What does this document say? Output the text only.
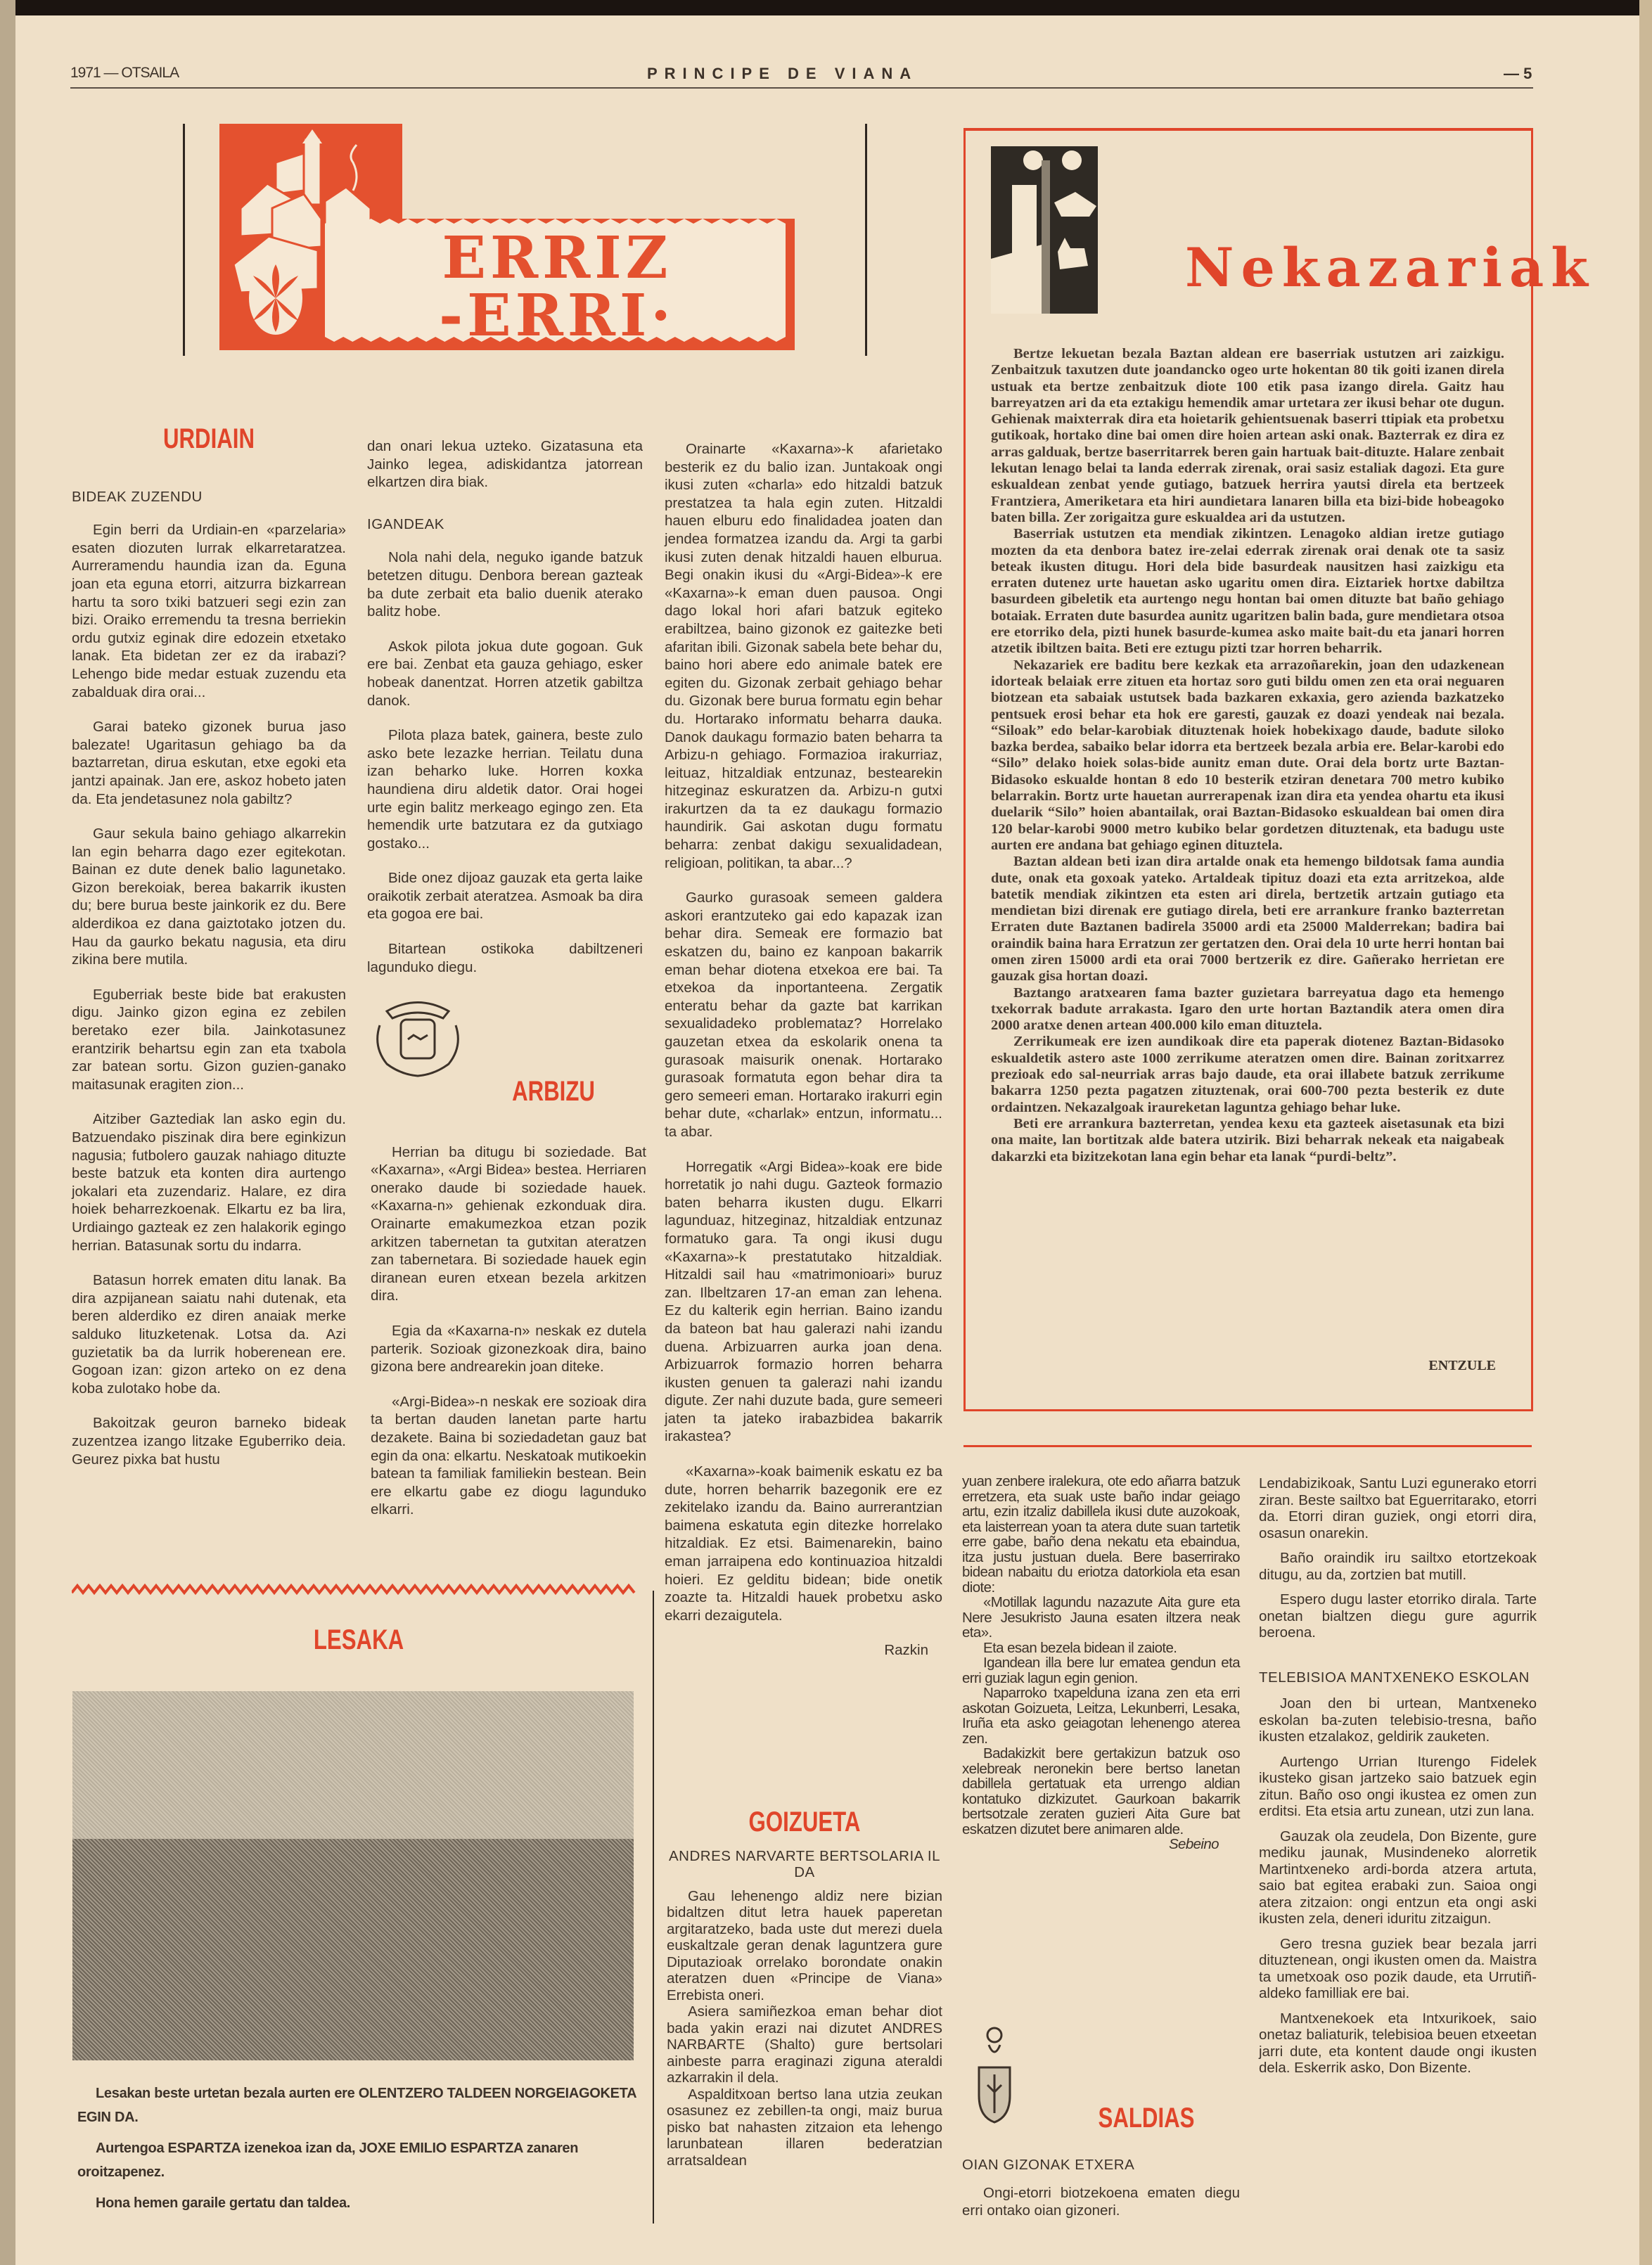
1971 — OTSAILA	PRINCIPE DE VIANA	— 5
ERRIZ
-ERRI·
URDIAIN
BIDEAK ZUZENDU

Egin berri da Urdiain-en «parzelaria» esaten diozuten lurrak elkarretaratzea. Aurreramendu haundia izan da. Eguna joan eta eguna etorri, aitzurra bizkarrean hartu ta soro txiki batzueri segi ezin zan bizi. Oraiko erremendu ta tresna berriekin ordu gutxiz eginak dire edozein etxetako lanak. Eta bidetan zer ez da irabazi? Lehengo bide medar estuak zuzendu eta zabalduak dira orai...

Garai bateko gizonek burua jaso balezate! Ugaritasun gehiago ba da baztarretan, dirua eskutan, etxe egoki eta jantzi apainak. Jan ere, askoz hobeto jaten da. Eta jendetasunez nola gabiltz?

Gaur sekula baino gehiago alkarrekin lan egin beharra dago ezer egitekotan. Bainan ez dute denek balio lagunetako. Gizon berekoiak, berea bakarrik ikusten du; bere burua beste jainkorik ez du. Bere alderdikoa ez dana gaiztotako jotzen du. Hau da gaurko bekatu nagusia, eta diru zikina bere mutila.

Eguberriak beste bide bat erakusten digu. Jainko gizon egina ez zebilen beretako ezer bila. Jainkotasunez erantzirik behartsu egin zan eta txabola zar batean sortu. Gizon guzien-ganako maitasunak eragiten zion...

Aitziber Gaztediak lan asko egin du. Batzuendako piszinak dira bere eginkizun nagusia; futbolero gauzak nahiago dituzte beste batzuk eta konten dira aurtengo jokalari eta zuzendariz. Halare, ez dira hoiek beharrezkoenak. Elkartu ez ba lira, Urdiaingo gazteak ez zen halakorik egingo herrian. Batasunak sortu du indarra.

Batasun horrek ematen ditu lanak. Ba dira azpijanean saiatu nahi dutenak, eta beren alderdiko ez diren anaiak merke salduko lituzketenak. Lotsa da. Azi guzietatik ba da lurrik hoberenean ere. Gogoan izan: gizon arteko on ez dena koba zulotako hobe da.

Bakoitzak geuron barneko bideak zuzentzea izango litzake Eguberriko deia. Geurez pixka bat hustu

dan onari lekua uzteko. Gizatasuna eta Jainko legea, adiskidantza jatorrean elkartzen dira biak.

IGANDEAK

Nola nahi dela, neguko igande batzuk betetzen ditugu. Denbora berean gazteak ba dute zerbait eta balio duenik aterako balitz hobe.

Askok pilota jokua dute gogoan. Guk ere bai. Zenbat eta gauza gehiago, esker hobeak danentzat. Horren atzetik gabiltza danok.

Pilota plaza batek, gainera, beste zulo asko bete lezazke herrian. Teilatu duna izan beharko luke. Horren koxka haundiena diru aldetik dator. Orai hogei urte egin balitz merkeago egingo zen. Eta hemendik urte batzutara ez da gutxiago gostako...

Bide onez dijoaz gauzak eta gerta laike oraikotik zerbait ateratzea. Asmoak ba dira eta gogoa ere bai.

Bitartean ostikoka dabiltzeneri lagunduko diegu.

ARBIZU

Herrian ba ditugu bi soziedade. Bat «Kaxarna», «Argi Bidea» bestea. Herriaren onerako daude bi soziedade hauek. «Kaxarna-n» gehienak ezkonduak dira. Orainarte emakumezkoa etzan pozik arkitzen tabernetan ta gutxitan ateratzen zan tabernetara. Bi soziedade hauek egin diranean euren etxean bezela arkitzen dira.

Egia da «Kaxarna-n» neskak ez dutela parterik. Sozioak gizonezkoak dira, baino gizona bere andrearekin joan diteke.

«Argi-Bidea»-n neskak ere sozioak dira ta bertan dauden lanetan parte hartu dezakete. Baina bi soziedadetan gauz bat egin da ona: elkartu. Neskatoak mutikoekin batean ta familiak familiekin bestean. Bein ere elkartu gabe ez diogu lagunduko elkarri.

Orainarte «Kaxarna»-k afarietako besterik ez du balio izan. Juntakoak ongi ikusi zuten «charla» edo hitzaldi batzuk prestatzea ta hala egin zuten. Hitzaldi hauen elburu edo finalidadea joaten dan jendea formatzea izandu da. Argi ta garbi ikusi zuten denak hitzaldi hauen elburua. Begi onakin ikusi du «Argi-Bidea»-k ere «Kaxarna»-k eman duen pausoa. Ongi dago lokal hori afari batzuk egiteko erabiltzea, baino gizonok ez gaitezke beti afaritan ibili. Gizonak sabela bete behar du, baino hori abere edo animale batek ere egiten du. Gizonak zerbait gehiago behar du. Gizonak bere burua formatu egin behar du. Hortarako informatu beharra dauka. Danok daukagu formazio baten beharra ta Arbizu-n gehiago. Formazioa irakurriaz, leituaz, hitzaldiak entzunaz, bestearekin hitzeginaz eskuratzen da. Arbizu-n gutxi irakurtzen da ta ez daukagu formazio haundirik. Gai askotan dugu formatu beharra: zenbat dakigu sexualidadean, religioan, politikan, ta abar...?

Gaurko gurasoak semeen galdera askori erantzuteko gai edo kapazak izan behar dira. Semeak ere formazio bat eskatzen du, baino ez kanpoan bakarrik eman behar diotena etxekoa ere bai. Ta etxekoa da inportanteena. Zergatik enteratu behar da gazte bat karrikan sexualidadeko problemataz? Horrelako gauzetan etxea da eskolarik onena ta gurasoak maisurik onenak. Hortarako gurasoak formatuta egon behar dira ta gero semeeri eman. Hortarako irakurri egin behar dute, «charlak» entzun, informatu... ta abar.

Horregatik «Argi Bidea»-koak ere bide horretatik jo nahi dugu. Gazteok formazio baten beharra ikusten dugu. Elkarri lagunduaz, hitzeginaz, hitzaldiak entzunaz formatuko gara. Ta ongi ikusi dugu «Kaxarna»-k prestatutako hitzaldiak. Hitzaldi sail hau «matrimonioari» buruz zan. Ilbeltzaren 17-an eman zan lehena. Ez du kalterik egin herrian. Baino izandu da bateon bat hau galerazi nahi izandu duena. Arbizuarren aurka joan dena. Arbizuarrok formazio horren beharra ikusten genuen ta galerazi nahi izandu digute. Zer nahi duzute bada, gure semeeri jaten ta jateko irabazbidea bakarrik irakastea?

«Kaxarna»-koak baimenik eskatu ez ba dute, horren beharrik bazegonik ere ez zekitelako izandu da. Baino aurrerantzian baimena eskatuta egin ditezke horrelako hitzaldiak. Ez etsi. Baimenarekin, baino eman jarraipena edo kontinuazioa hitzaldi hoieri. Ez gelditu bidean; bide onetik zoazte ta. Hitzaldi hauek probetxu asko ekarri dezaigutela.

Razkin
GOIZUETA
ANDRES NARVARTE BERTSOLARIA IL DA

Gau lehenengo aldiz nere bizian bidaltzen ditut letra hauek paperetan argitaratzeko, bada uste dut merezi duela euskaltzale geran denak laguntzera gure Diputazioak orrelako borondate onakin ateratzen duen «Principe de Viana» Errebista oneri.

Asiera samiñezkoa eman behar diot bada yakin erazi nai dizutet ANDRES NARBARTE (Shalto) gure bertsolari ainbeste parra eraginazi ziguna ateraldi azkarrakin il dela.

Aspalditxoan bertso lana utzia zeukan osasunez ez zebillen-ta ongi, maiz burua pisko bat nahasten zitzaion eta lehengo larunbatean illaren bederatzian arratsaldean

Nekazariak

Bertze lekuetan bezala Baztan aldean ere baserriak ustutzen ari zaizkigu. Zenbaitzuk taxutzen dute joandancko ogeo urte hokentan 80 tik goiti izanen direla ustuak eta bertze zenbaitzuk diote 100 etik pasa izango direla. Gaitz hau barreyatzen ari da eta eztakigu hemendik amar urtetara zer ikusi behar ote dugun. Gehienak maixterrak dira eta hoietarik gehientsuenak baserri ttipiak eta probetxu gutikoak, hortako dine bai omen dire hoien artean aski onak. Bazterrak ez dira ez arras galduak, bertze baserritarrek beren gain hartuak bait-dituzte. Halare zenbait lekutan lenago belai ta landa ederrak zirenak, orai sasiz estaliak dagozi. Eta gure eskualdean zenbat yende gutiago, batzuek herrira yautsi direla eta bertzeek Frantziera, Ameriketara eta hiri aundietara lanaren billa eta bizi-bide hobeagoko baten billa. Zer zorigaitza gure eskualdea ari da ustutzen.

Baserriak ustutzen eta mendiak zikintzen. Lenagoko aldian iretze gutiago mozten da eta denbora batez ire-zelai ederrak zirenak orai denak ote ta sasiz beteak ikusten ditugu. Hori dela bide basurdeak nausitzen hasi zaizkigu eta erraten dutenez urte hauetan asko ugaritu omen dira. Eiztariek hortxe dabiltza basurdeen gibeletik eta aurtengo negu hontan bai omen dituzte bat baño gehiago botaiak. Erraten dute basurdea aunitz ugaritzen balin bada, gure mendietara otsoa ere etorriko dela, pizti hunek basurde-kumea asko maite bait-du eta janari horren atzetik ibiltzen baita. Beti ere eztugu pizti tzar horren beharrik.

Nekazariek ere baditu bere kezkak eta arrazoñarekin, joan den udazkenean idorteak belaiak erre zituen eta hortaz soro guti bildu omen zen eta orai neguaren biotzean eta sabaiak ustutsek bada bazkaren exkaxia, gero azienda bazkatzeko pentsuek erosi behar eta hok ere garesti, gauzak ez doazi yendeak nai bezala. “Siloak” edo belar-karobiak dituztenak hoiek hobekixago daude, badute siloko bazka berdea, sabaiko belar idorra eta bertzeek bezala arbia ere. Belar-karobi edo “Silo” delako hoiek solas-bide aunitz eman dute. Orai dela bortz urte Baztan-Bidasoko eskualde hontan 8 edo 10 besterik etziran denetara 700 metro kubiko belarrakin. Bortz urte hauetan aurrerapenak izan dira eta yendea ohartu eta ikusi duelarik “Silo” hoien abantailak, orai Baztan-Bidasoko eskualdean bai omen dira 120 belar-karobi 9000 metro kubiko belar gordetzen dituztenak, eta badugu uste aurten ere andana bat gehiago eginen dituztela.

Baztan aldean beti izan dira artalde onak eta hemengo bildotsak fama aundia dute, onak eta goxoak yateko. Artaldeak tipituz doazi eta ezta arritzekoa, alde batetik mendiak zikintzen eta esten ari direla, bertzetik artzain gutiago eta mendietan bizi direnak ere gutiago direla, beti ere arrankure franko bazterretan Erraten dute Baztanen badirela 35000 ardi eta 25000 Malderrekan; badira bai oraindik baina hara Erratzun zer gertatzen den. Orai dela 10 urte herri hontan bai omen ziren 15000 ardi eta orai 7000 bertzerik ez dire. Gañerako herrietan ere gauzak gisa hortan doazi.

Baztango aratxearen fama bazter guzietara barreyatua dago eta hemengo txekorrak badute arrakasta. Igaro den urte hortan Baztandik atera omen dira 2000 aratxe denen artean 400.000 kilo eman dituztela.

Zerrikumeak ere izen aundikoak dire eta paperak diotenez Baztan-Bidasoko eskualdetik astero aste 1000 zerrikume ateratzen omen dire. Bainan zoritxarrez prezioak edo sal-neurriak arras bajo daude, eta orai illabete batzuk zerrikume bakarra 1250 pezta pagatzen zituztenak, orai 600-700 pezta besterik ez dute ordaintzen. Nekazalgoak iraureketan laguntza gehiago behar luke.

Beti ere arrankura bazterretan, yendea kexu eta gazteek aisetasunak eta bizi ona maite, lan bortitzak alde batera utzirik. Bizi beharrak nekeak eta naigabeak dakarzki eta bizitzekotan lana egin behar eta lanak “purdi-beltz”.

ENTZULE

yuan zenbere iralekura, ote edo añarra batzuk erretzera, eta suak uste baño indar geiago artu, ezin itzaliz dabillela ikusi dute auzokoak, eta laisterrean yoan ta atera dute suan tartetik erre gabe, baño dena nekatu eta ebaindua, itza justu justuan duela. Bere baserrirako bidean nabaitu du eriotza datorkiola eta esan diote:

«Motillak lagundu nazazute Aita gure eta Nere Jesukristo Jauna esaten iltzera neak eta».

Eta esan bezela bidean il zaiote.

Igandean illa bere lur ematea gendun eta erri guziak lagun egin genion.

Naparroko txapelduna izana zen eta erri askotan Goizueta, Leitza, Lekunberri, Lesaka, Iruña eta asko geiagotan lehenengo aterea zen.

Badakizkit bere gertakizun batzuk oso xelebreak neronekin bere bertso lanetan dabillela gertatuak eta urrengo aldian kontatuko dizkizutet. Gaurkoan bakarrik bertsotzale zeraten guzieri Aita Gure bat eskatzen dizutet bere animaren alde.

Sebeino
SALDIAS
OIAN GIZONAK ETXERA

Ongi-etorri biotzekoena ematen diegu erri ontako oian gizoneri.

Lendabizikoak, Santu Luzi egunerako etorri ziran. Beste sailtxo bat Eguerritarako, etorri da. Etorri diran guziek, ongi etorri dira, osasun onarekin.

Baño oraindik iru sailtxo etortzekoak ditugu, au da, zortzien bat mutill.

Espero dugu laster etorriko dirala. Tarte onetan bialtzen diegu gure agurrik beroena.

TELEBISIOA MANTXENEKO ESKOLAN

Joan den bi urtean, Mantxeneko eskolan ba-zuten telebisio-tresna, baño ikusten etzalakoz, geldirik zauketen.

Aurtengo Urrian Iturengo Fidelek ikusteko gisan jartzeko saio batzuek egin zitun. Baño oso ongi ikustea ez omen zun erditsi. Eta etsia artu zunean, utzi zun lana.

Gauzak ola zeudela, Don Bizente, gure mediku jaunak, Musindeneko alorretik Martintxeneko ardi-borda atzera artuta, saio bat egitea erabaki zun. Saioa ongi atera zitzaion: ongi entzun eta ongi aski ikusten zela, deneri iduritu zitzaigun.

Gero tresna guziek bear bezala jarri dituztenean, ongi ikusten omen da. Maistra ta umetxoak oso pozik daude, eta Urrutiñ-aldeko familliak ere bai.

Mantxenekoek eta Intxurikoek, saio onetaz baliaturik, telebisioa beuen etxeetan jarri dute, eta kontent daude ongi ikusten dela. Eskerrik asko, Don Bizente.

LESAKA

Lesakan beste urtetan bezala aurten ere OLENTZERO TALDEEN NORGEIAGOKETA EGIN DA.

Aurtengoa ESPARTZA izenekoa izan da, JOXE EMILIO ESPARTZA zanaren oroitzapenez.

Hona hemen garaile gertatu dan taldea.
